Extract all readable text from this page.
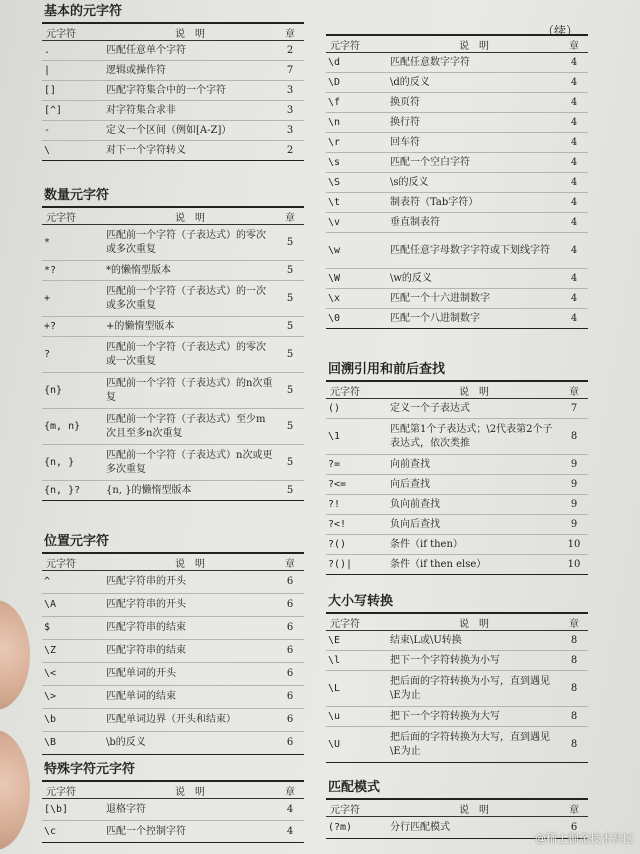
基本的元字符
元字符	说　明	章
.	匹配任意单个字符	2
|	逻辑或操作符	7
[]	匹配字符集合中的一个字符	3
[^]	对字符集合求非	3
-	定义一个区间（例如[A-Z]）	3
\	对下一个字符转义	2
数量元字符
元字符	说　明	章
*	匹配前一个字符（子表达式）的零次或多次重复	5
*?	*的懒惰型版本	5
+	匹配前一个字符（子表达式）的一次或多次重复	5
+?	+的懒惰型版本	5
?	匹配前一个字符（子表达式）的零次或一次重复	5
{n}	匹配前一个字符（子表达式）的n次重复	5
{m, n}	匹配前一个字符（子表达式）至少m次且至多n次重复	5
{n, }	匹配前一个字符（子表达式）n次或更多次重复	5
{n, }?	{n, }的懒惰型版本	5
位置元字符
元字符	说　明	章
^	匹配字符串的开头	6
\A	匹配字符串的开头	6
$	匹配字符串的结束	6
\Z	匹配字符串的结束	6
\<	匹配单词的开头	6
\>	匹配单词的结束	6
\b	匹配单词边界（开头和结束）	6
\B	\b的反义	6
特殊字符元字符
元字符	说　明	章
[\b]	退格字符	4
\c	匹配一个控制字符	4
（续）
元字符	说　明	章
\d	匹配任意数字字符	4
\D	\d的反义	4
\f	换页符	4
\n	换行符	4
\r	回车符	4
\s	匹配一个空白字符	4
\S	\s的反义	4
\t	制表符（Tab字符）	4
\v	垂直制表符	4
\w	匹配任意字母数字字符或下划线字符	4
\W	\w的反义	4
\x	匹配一个十六进制数字	4
\0	匹配一个八进制数字	4
回溯引用和前后查找
元字符	说　明	章
()	定义一个子表达式	7
\1	匹配第1个子表达式；\2代表第2个子表达式，依次类推	8
?=	向前查找	9
?<=	向后查找	9
?!	负向前查找	9
?<!	负向后查找	9
?()	条件（if then）	10
?()|	条件（if then else）	10
大小写转换
元字符	说　明	章
\E	结束\L或\U转换	8
\l	把下一个字符转换为小写	8
\L	把后面的字符转换为小写，直到遇见\E为止	8
\u	把下一个字符转换为大写	8
\U	把后面的字符转换为大写，直到遇见\E为止	8
匹配模式
元字符	说　明	章
(?m)	分行匹配模式	6
@稀土掘金技术社区
